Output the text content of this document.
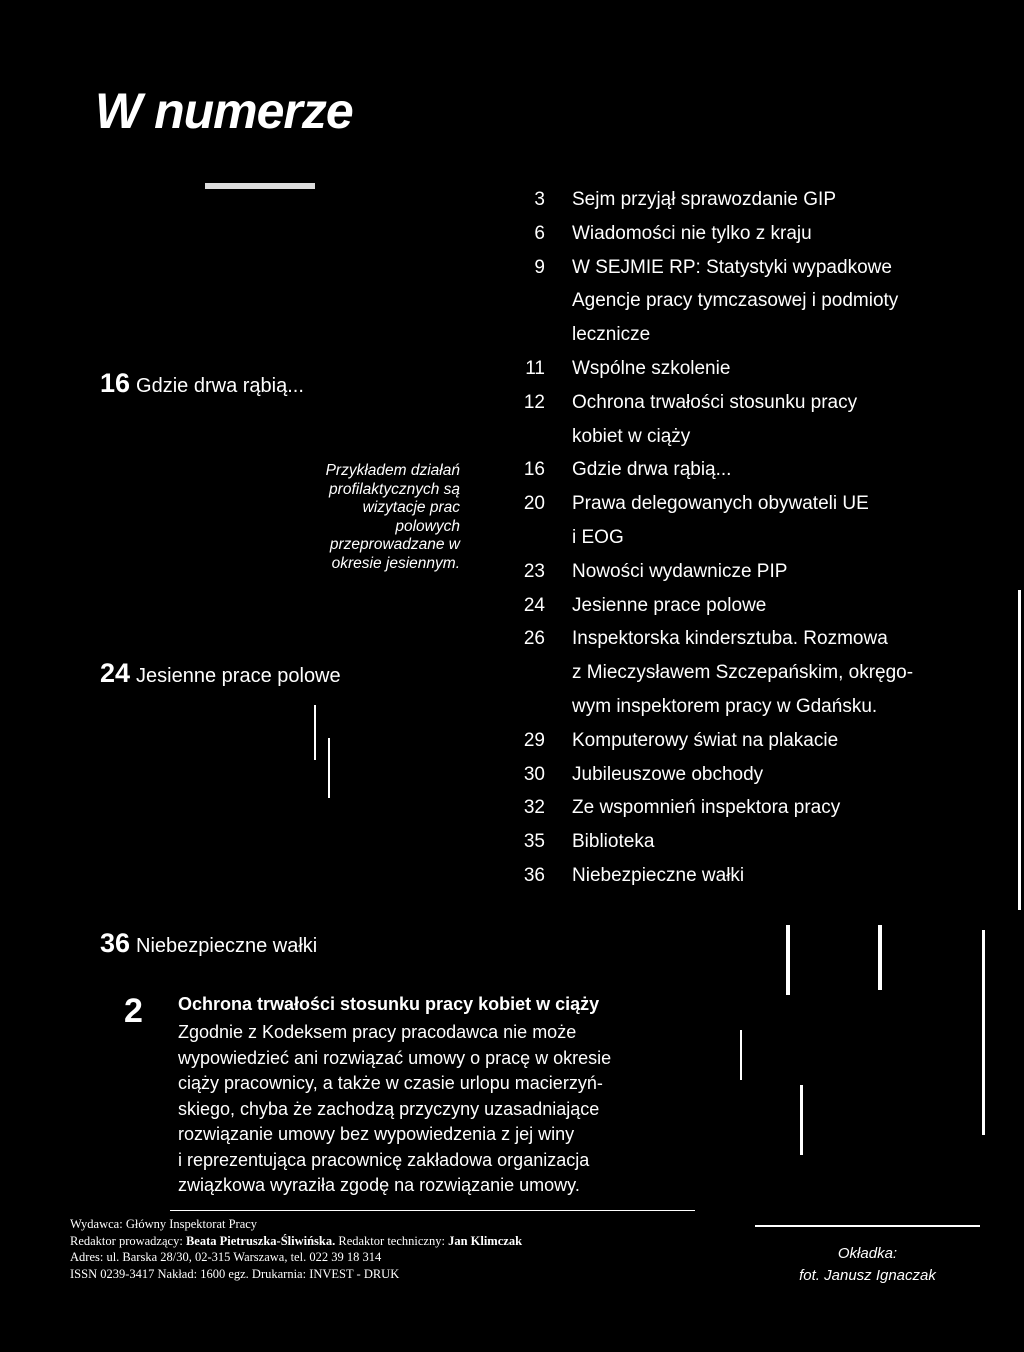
W numerze
16 Gdzie drwa rąbią...
Przykładem działań
profilaktycznych są
wizytacje prac
polowych
przeprowadzane w
okresie jesiennym.
24 Jesienne prace polowe
36 Niebezpieczne wałki
3 Sejm przyjął sprawozdanie GIP
6 Wiadomości nie tylko z kraju
9 W SEJMIE RP: Statystyki wypadkowe
Agencje pracy tymczasowej i podmioty
lecznicze
11 Wspólne szkolenie
12 Ochrona trwałości stosunku pracy
kobiet w ciąży
16 Gdzie drwa rąbią...
20 Prawa delegowanych obywateli UE
i EOG
23 Nowości wydawnicze PIP
24 Jesienne prace polowe
26 Inspektorska kindersztuba. Rozmowa
z Mieczysławem Szczepańskim, okręgo-
wym inspektorem pracy w Gdańsku.
29 Komputerowy świat na plakacie
30 Jubileuszowe obchody
32 Ze wspomnień inspektora pracy
35 Biblioteka
36 Niebezpieczne wałki
2 Ochrona trwałości stosunku pracy kobiet w ciąży
Zgodnie z Kodeksem pracy pracodawca nie może
wypowiedzieć ani rozwiązać umowy o pracę w okresie
ciąży pracownicy, a także w czasie urlopu macierzyń-
skiego, chyba że zachodzą przyczyny uzasadniające
rozwiązanie umowy bez wypowiedzenia z jej winy
i reprezentująca pracownicę zakładowa organizacja
związkowa wyraziła zgodę na rozwiązanie umowy.
Wydawca: Główny Inspektorat Pracy
Redaktor prowadzący: Beata Pietruszka-Śliwińska. Redaktor techniczny: Jan Klimczak
Adres: ul. Barska 28/30, 02-315 Warszawa, tel. 022 39 18 314
ISSN 0239-3417 Nakład: 1600 egz. Drukarnia: INVEST - DRUK
Okładka:
fot. Janusz Ignaczak
